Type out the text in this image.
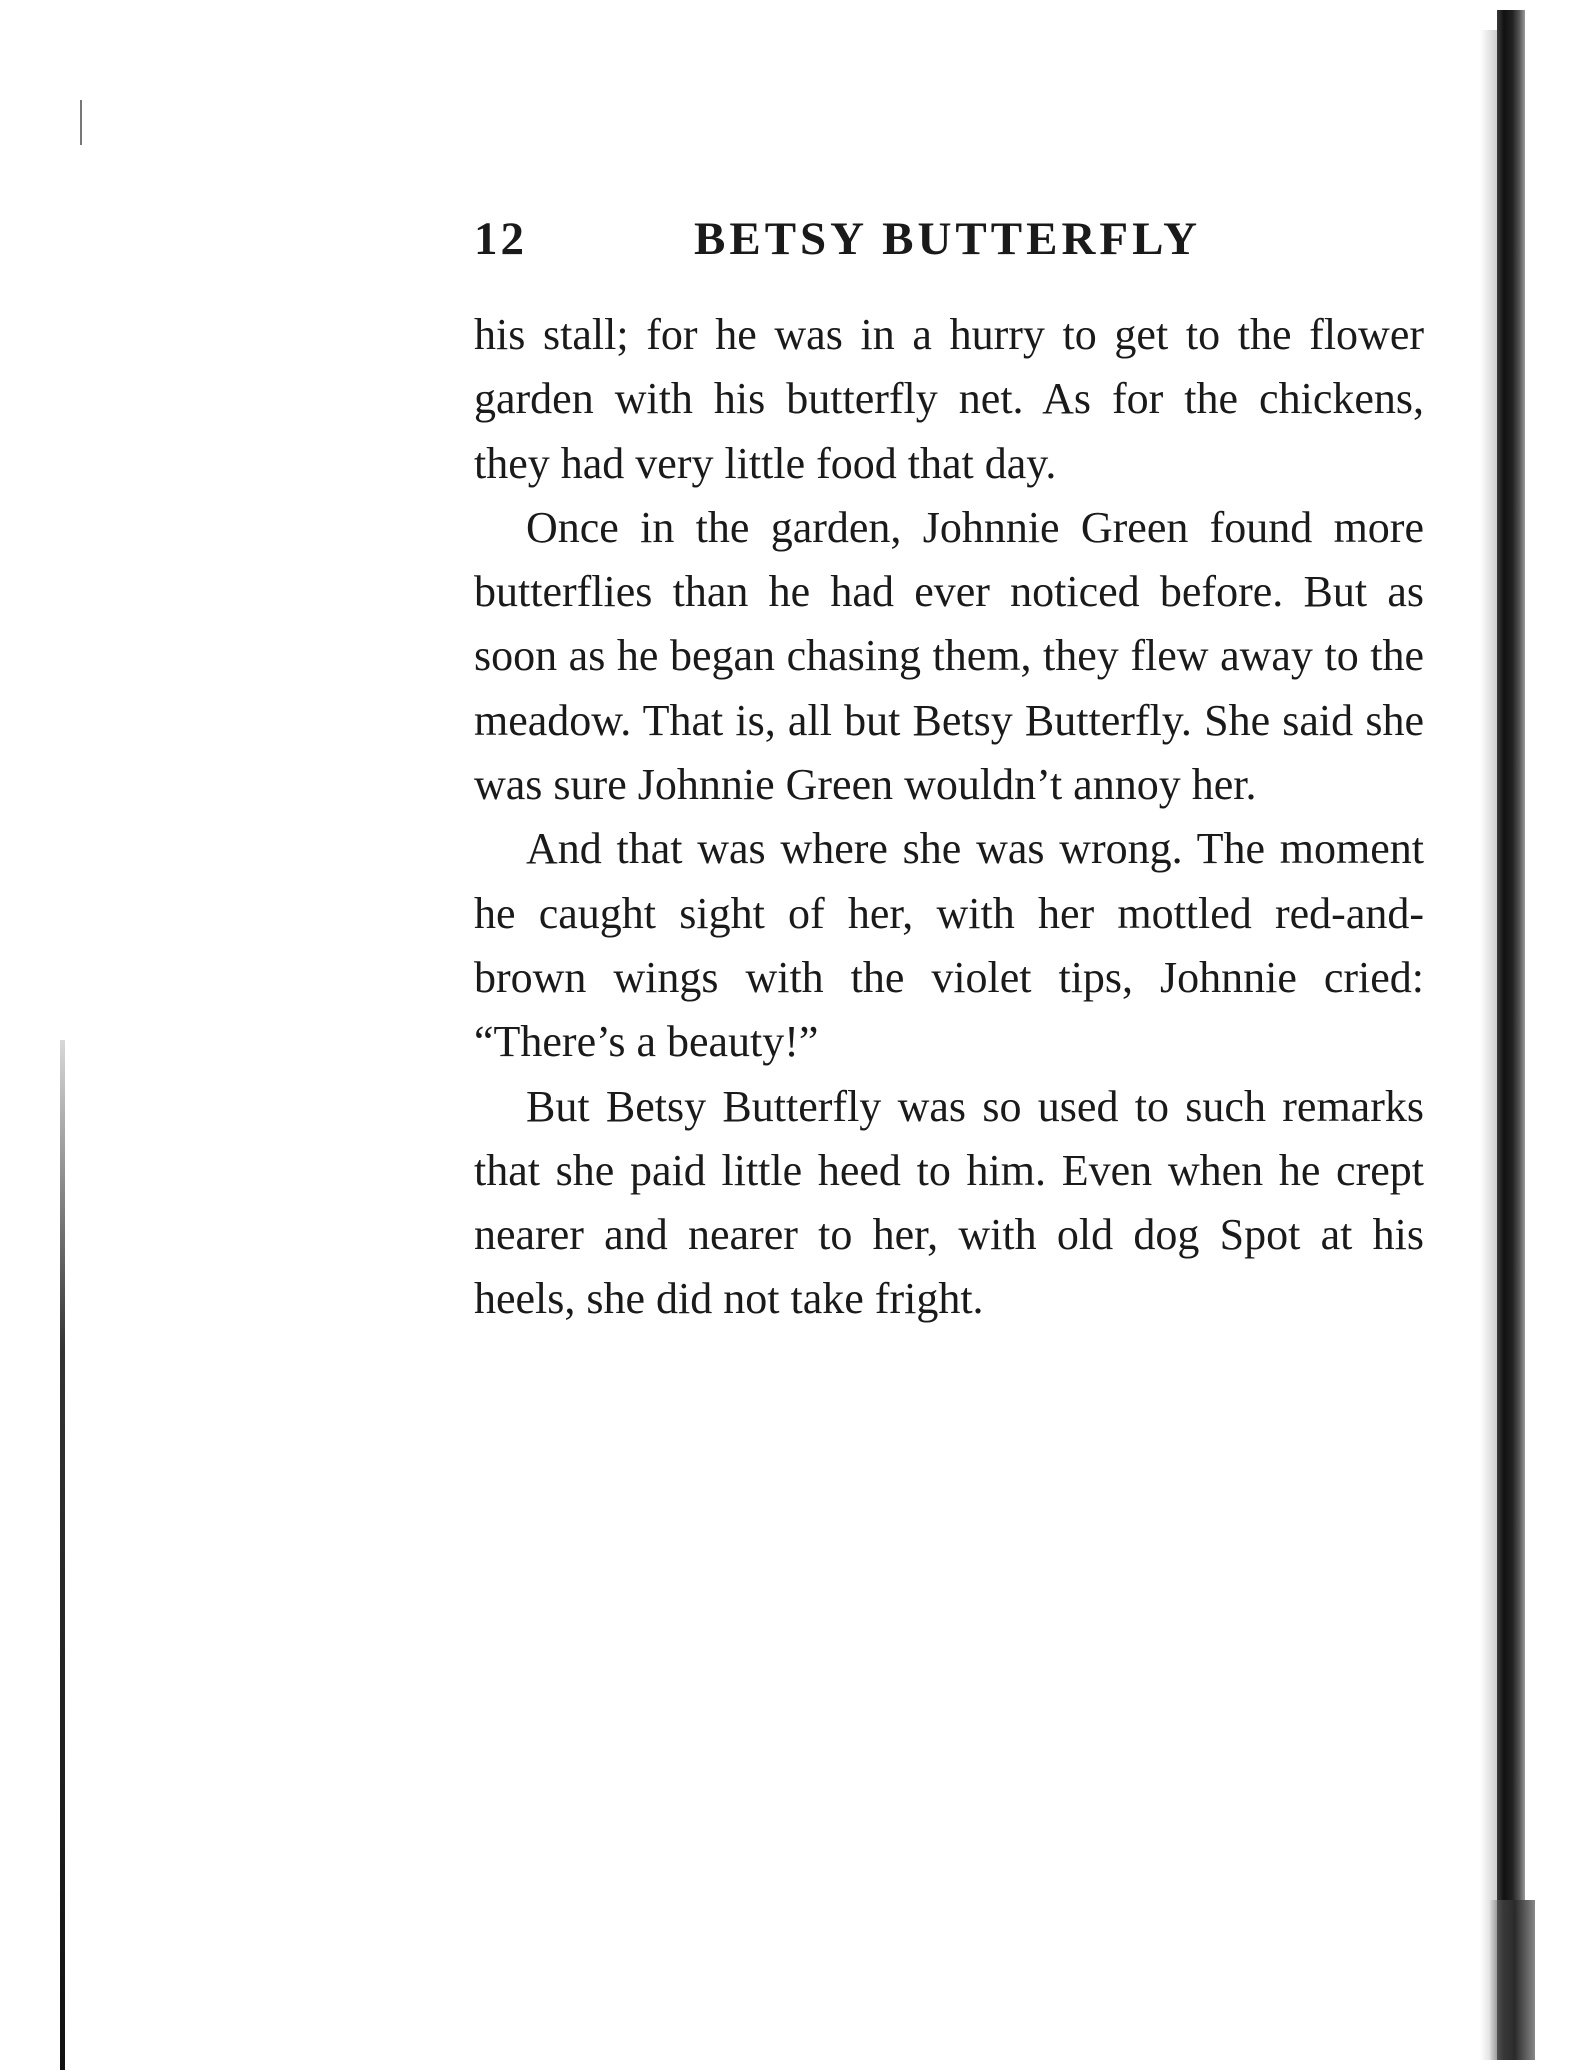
12	BETSY BUTTERFLY

his stall; for he was in a hurry to get to the flower garden with his butterfly net. As for the chickens, they had very little food that day.

Once in the garden, Johnnie Green found more butterflies than he had ever noticed before. But as soon as he began chasing them, they flew away to the meadow. That is, all but Betsy Butterfly. She said she was sure Johnnie Green wouldn’t annoy her.

And that was where she was wrong. The moment he caught sight of her, with her mottled red-and-brown wings with the violet tips, Johnnie cried: “There’s a beauty!”

But Betsy Butterfly was so used to such remarks that she paid little heed to him. Even when he crept nearer and nearer to her, with old dog Spot at his heels, she did not take fright.
